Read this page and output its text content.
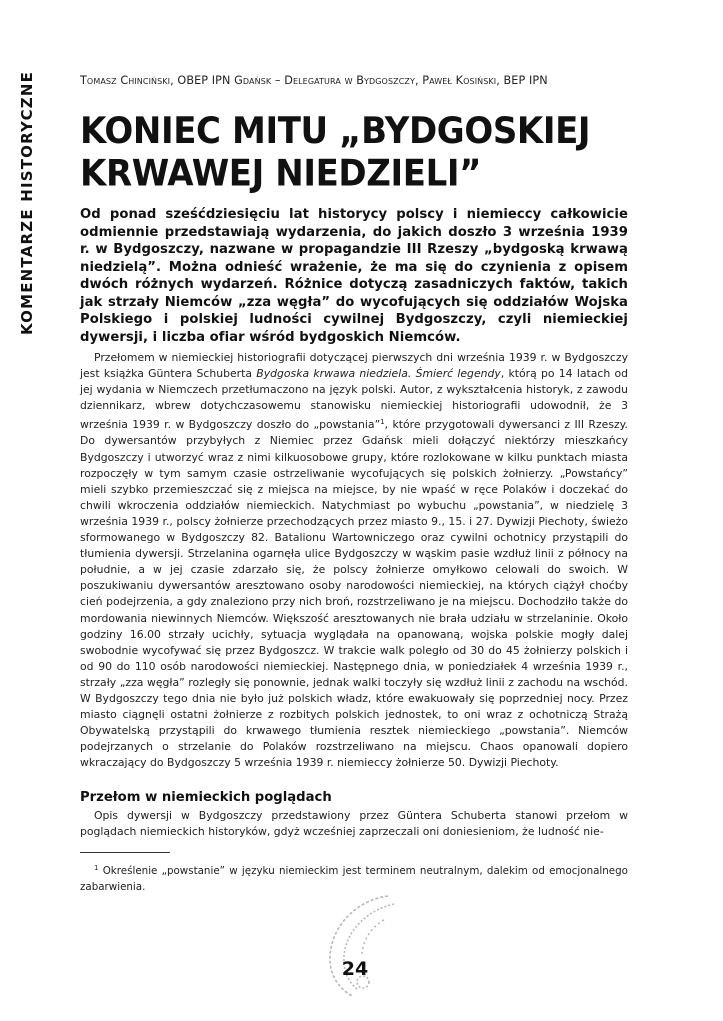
KOMENTARZE HISTORYCZNE	Tomasz Chinciński, OBEP IPN Gdańsk – Delegatura w Bydgoszczy, Paweł Kosiński, BEP IPN
KONIEC MITU „BYDGOSKIEJ KRWAWEJ NIEDZIELI”

Od ponad sześćdziesięciu lat historycy polscy i niemieccy całkowicie odmiennie przedstawiają wydarzenia, do jakich doszło 3 września 1939 r. w Bydgoszczy, nazwane w propagandzie III Rzeszy „bydgoską krwawą niedzielą”. Można odnieść wrażenie, że ma się do czynienia z opisem dwóch różnych wydarzeń. Różnice dotyczą zasadniczych faktów, takich jak strzały Niemców „zza węgła” do wycofujących się oddziałów Wojska Polskiego i polskiej ludności cywilnej Bydgoszczy, czyli niemieckiej dywersji, i liczba ofiar wśród bydgoskich Niemców.

Przełomem w niemieckiej historiografii dotyczącej pierwszych dni września 1939 r. w Bydgoszczy jest książka Güntera Schuberta Bydgoska krwawa niedziela. Śmierć legendy, którą po 14 latach od jej wydania w Niemczech przetłumaczono na język polski. Autor, z wykształcenia historyk, z zawodu dziennikarz, wbrew dotychczasowemu stanowisku niemieckiej historiografii udowodnił, że 3 września 1939 r. w Bydgoszczy doszło do „powstania”$^1$, które przygotowali dywersanci z III Rzeszy. Do dywersantów przybyłych z Niemiec przez Gdańsk mieli dołączyć niektórzy mieszkańcy Bydgoszczy i utworzyć wraz z nimi kilkuosobowe grupy, które rozlokowane w kilku punktach miasta rozpoczęły w tym samym czasie ostrzeliwanie wycofujących się polskich żołnierzy. „Powstańcy” mieli szybko przemieszczać się z miejsca na miejsce, by nie wpaść w ręce Polaków i doczekać do chwili wkroczenia oddziałów niemieckich. Natychmiast po wybuchu „powstania”, w niedzielę 3 września 1939 r., polscy żołnierze przechodzących przez miasto 9., 15. i 27. Dywizji Piechoty, świeżo sformowanego w Bydgoszczy 82. Batalionu Wartowniczego oraz cywilni ochotnicy przystąpili do tłumienia dywersji. Strzelanina ogarnęła ulice Bydgoszczy w wąskim pasie wzdłuż linii z północy na południe, a w jej czasie zdarzało się, że polscy żołnierze omyłkowo celowali do swoich. W poszukiwaniu dywersantów aresztowano osoby narodowości niemieckiej, na których ciążył choćby cień podejrzenia, a gdy znaleziono przy nich broń, rozstrzeliwano je na miejscu. Dochodziło także do mordowania niewinnych Niemców. Większość aresztowanych nie brała udziału w strzelaninie. Około godziny 16.00 strzały ucichły, sytuacja wyglądała na opanowaną, wojska polskie mogły dalej swobodnie wycofywać się przez Bydgoszcz. W trakcie walk poległo od 30 do 45 żołnierzy polskich i od 90 do 110 osób narodowości niemieckiej. Następnego dnia, w poniedziałek 4 września 1939 r., strzały „zza węgła” rozległy się ponownie, jednak walki toczyły się wzdłuż linii z zachodu na wschód. W Bydgoszczy tego dnia nie było już polskich władz, które ewakuowały się poprzedniej nocy. Przez miasto ciągnęli ostatni żołnierze z rozbitych polskich jednostek, to oni wraz z ochotniczą Strażą Obywatelską przystąpili do krwawego tłumienia resztek niemieckiego „powstania”. Niemców podejrzanych o strzelanie do Polaków rozstrzeliwano na miejscu. Chaos opanowali dopiero wkraczający do Bydgoszczy 5 września 1939 r. niemieccy żołnierze 50. Dywizji Piechoty.

Przełom w niemieckich poglądach

Opis dywersji w Bydgoszczy przedstawiony przez Güntera Schuberta stanowi przełom w poglądach niemieckich historyków, gdyż wcześniej zaprzeczali oni doniesieniom, że ludność nie-

$^1$ Określenie „powstanie” w języku niemieckim jest terminem neutralnym, dalekim od emocjonalnego zabarwienia.

24
